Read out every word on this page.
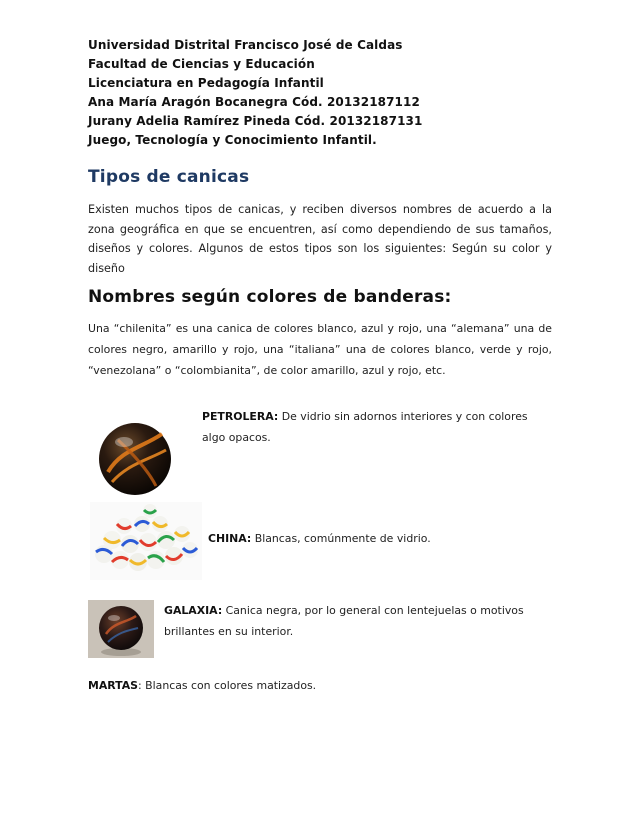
Universidad Distrital Francisco José de Caldas
Facultad de Ciencias y Educación
Licenciatura en Pedagogía Infantil
Ana María Aragón Bocanegra Cód. 20132187112
Jurany Adelia Ramírez Pineda Cód. 20132187131
Juego, Tecnología y Conocimiento Infantil.
Tipos de canicas

Existen muchos tipos de canicas, y reciben diversos nombres de acuerdo a la zona geográfica en que se encuentren, así como dependiendo de sus tamaños, diseños y colores. Algunos de estos tipos son los siguientes: Según su color y diseño

Nombres según colores de banderas:

Una “chilenita” es una canica de colores blanco, azul y rojo, una “alemana” una de colores negro, amarillo y rojo, una “italiana” una de colores blanco, verde y rojo, “venezolana” o “colombianita”, de color amarillo, azul y rojo, etc.

PETROLERA: De vidrio sin adornos interiores y con colores algo opacos.
CHINA: Blancas, comúnmente de vidrio.
GALAXIA: Canica negra, por lo general con lentejuelas o motivos brillantes en su interior.
MARTAS: Blancas con colores matizados.
